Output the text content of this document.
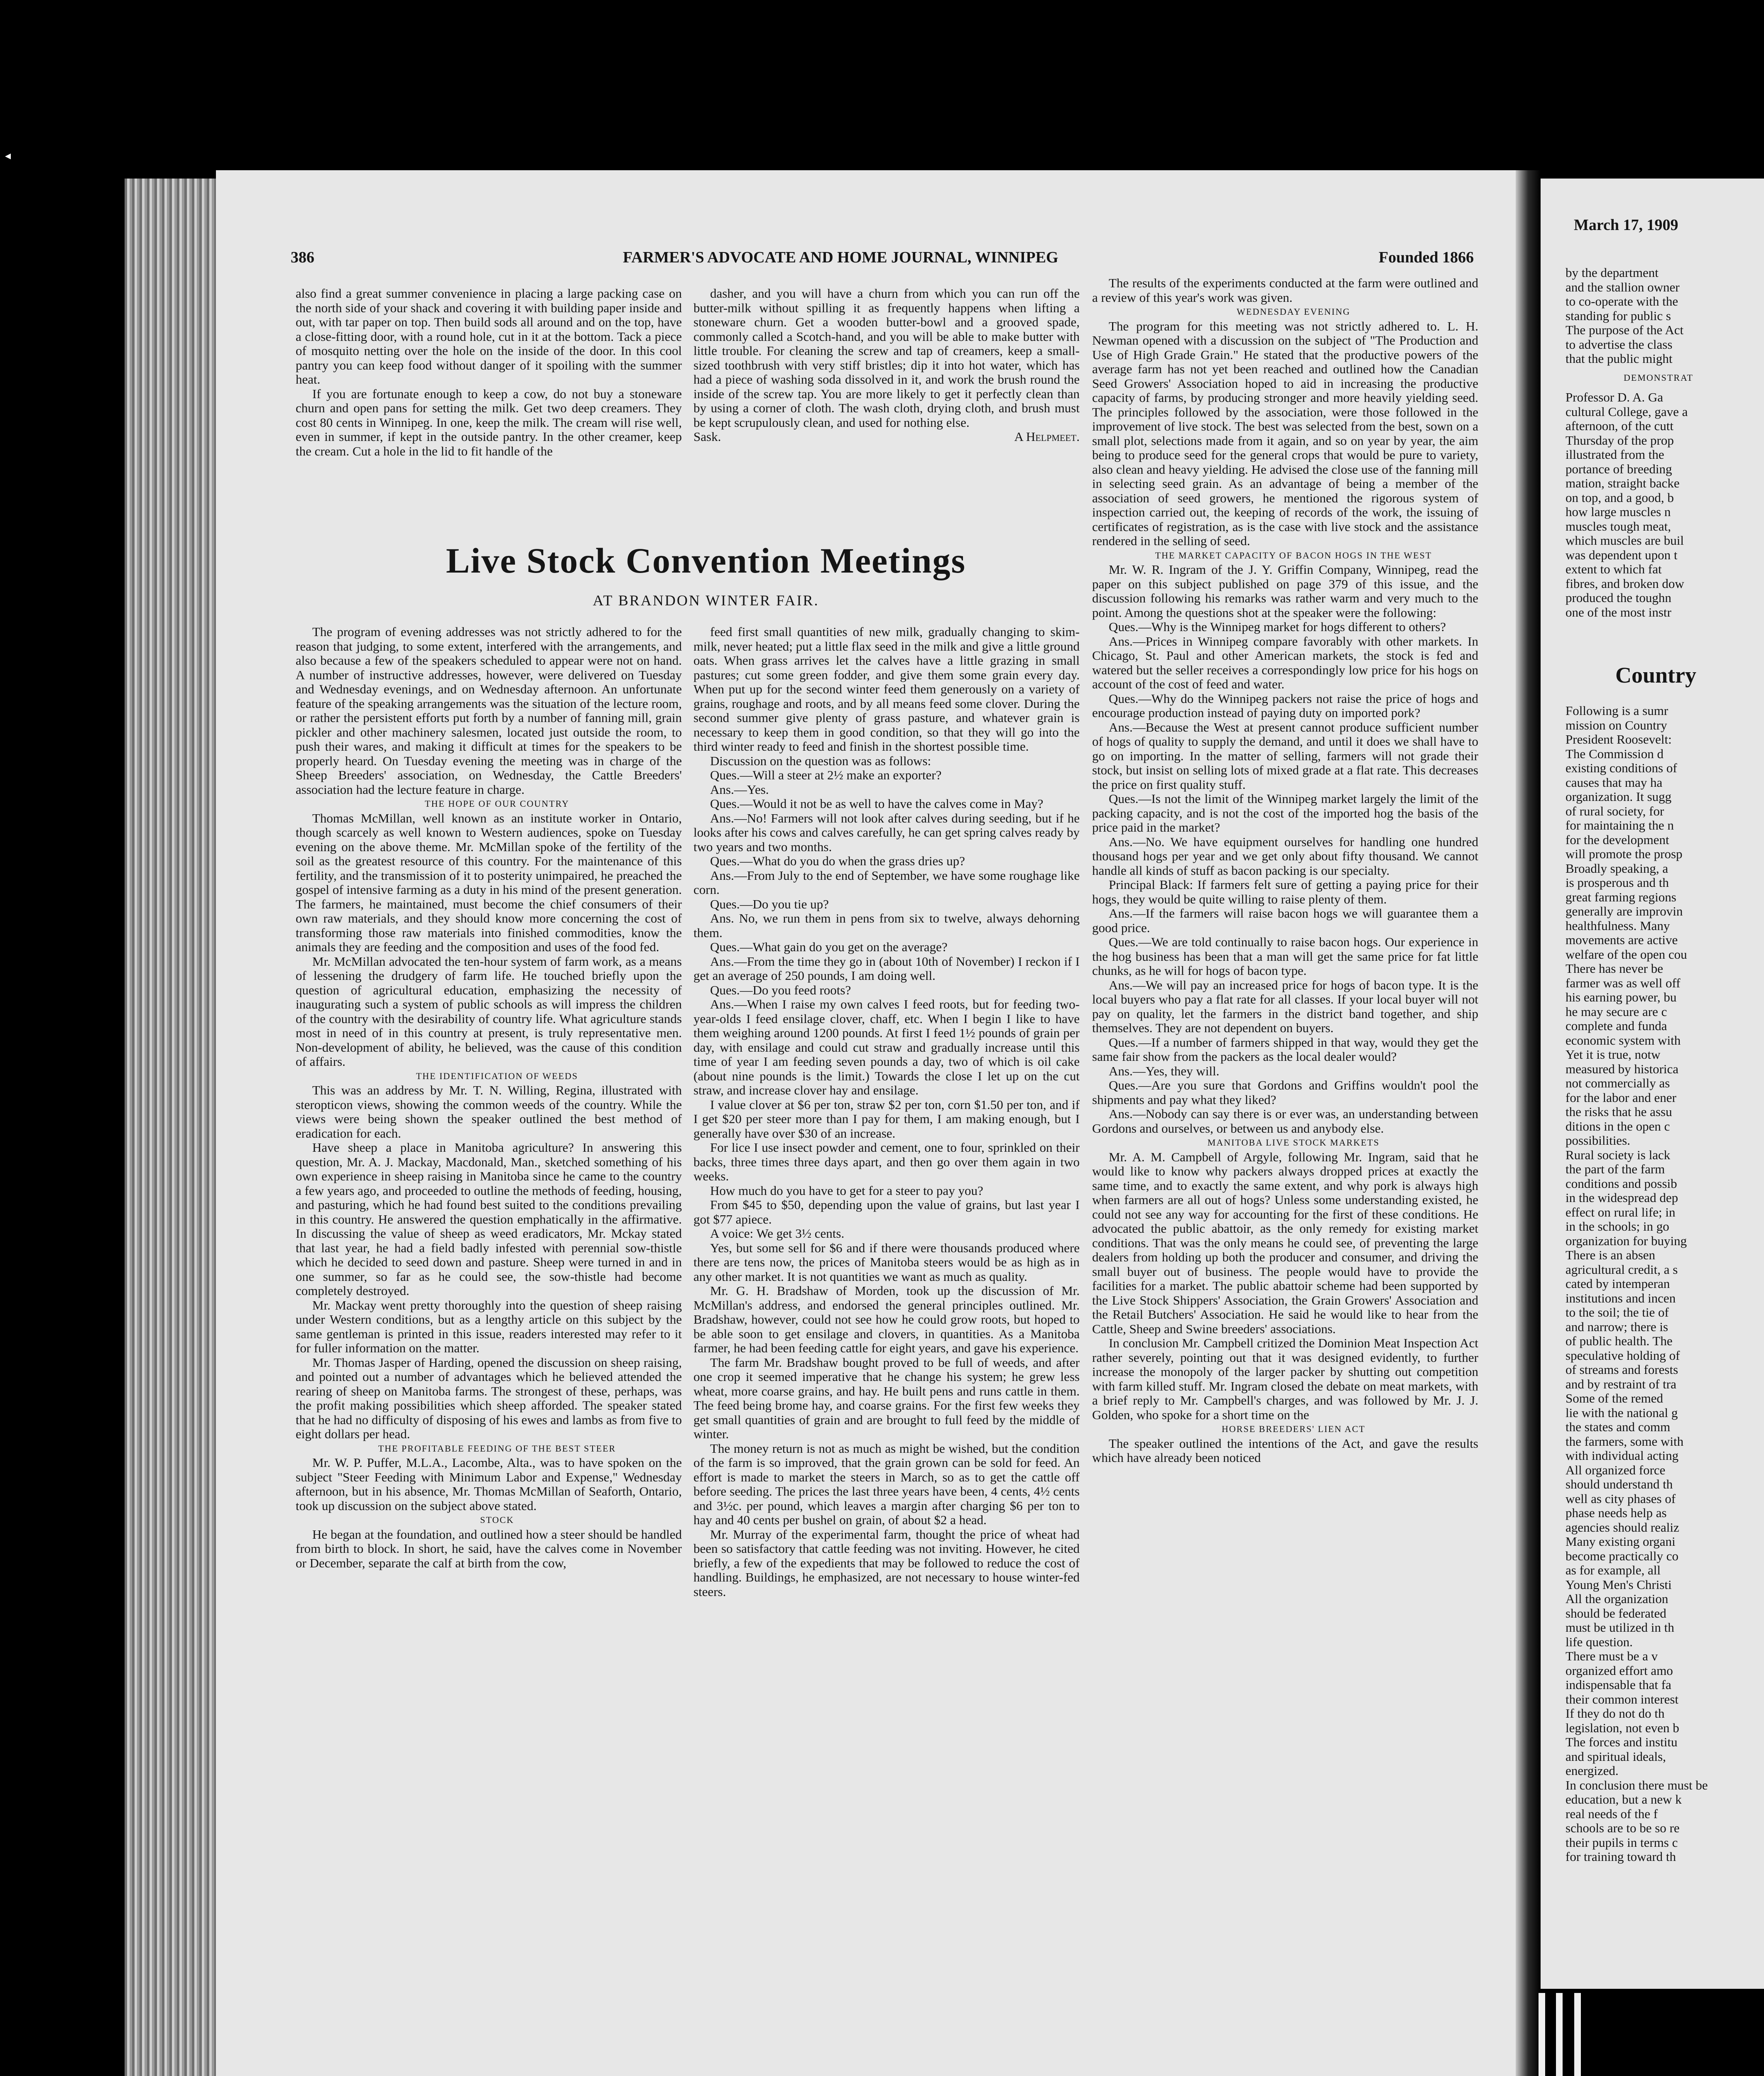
◂
386	FARMER'S ADVOCATE AND HOME JOURNAL, WINNIPEG	Founded 1866

also find a great summer convenience in placing a large packing case on the north side of your shack and covering it with building paper inside and out, with tar paper on top. Then build sods all around and on the top, have a close-fitting door, with a round hole, cut in it at the bottom. Tack a piece of mosquito netting over the hole on the inside of the door. In this cool pantry you can keep food without danger of it spoiling with the summer heat.

If you are fortunate enough to keep a cow, do not buy a stoneware churn and open pans for setting the milk. Get two deep creamers. They cost 80 cents in Winnipeg. In one, keep the milk. The cream will rise well, even in summer, if kept in the outside pantry. In the other creamer, keep the cream. Cut a hole in the lid to fit handle of the

dasher, and you will have a churn from which you can run off the butter-milk without spilling it as frequently happens when lifting a stoneware churn. Get a wooden butter-bowl and a grooved spade, commonly called a Scotch-hand, and you will be able to make butter with little trouble. For cleaning the screw and tap of creamers, keep a small-sized toothbrush with very stiff bristles; dip it into hot water, which has had a piece of washing soda dissolved in it, and work the brush round the inside of the screw tap. You are more likely to get it perfectly clean than by using a corner of cloth. The wash cloth, drying cloth, and brush must be kept scrupulously clean, and used for nothing else.

Sask.	A Helpmeet.
Live Stock Convention Meetings
AT BRANDON WINTER FAIR.

The program of evening addresses was not strictly adhered to for the reason that judging, to some extent, interfered with the arrangements, and also because a few of the speakers scheduled to appear were not on hand. A number of instructive addresses, however, were delivered on Tuesday and Wednesday evenings, and on Wednesday afternoon. An unfortunate feature of the speaking arrangements was the situation of the lecture room, or rather the persistent efforts put forth by a number of fanning mill, grain pickler and other machinery salesmen, located just outside the room, to push their wares, and making it difficult at times for the speakers to be properly heard. On Tuesday evening the meeting was in charge of the Sheep Breeders' association, on Wednesday, the Cattle Breeders' association had the lecture feature in charge.

THE HOPE OF OUR COUNTRY

Thomas McMillan, well known as an institute worker in Ontario, though scarcely as well known to Western audiences, spoke on Tuesday evening on the above theme. Mr. McMillan spoke of the fertility of the soil as the greatest resource of this country. For the maintenance of this fertility, and the transmission of it to posterity unimpaired, he preached the gospel of intensive farming as a duty in his mind of the present generation. The farmers, he maintained, must become the chief consumers of their own raw materials, and they should know more concerning the cost of transforming those raw materials into finished commodities, know the animals they are feeding and the composition and uses of the food fed.

Mr. McMillan advocated the ten-hour system of farm work, as a means of lessening the drudgery of farm life. He touched briefly upon the question of agricultural education, emphasizing the necessity of inaugurating such a system of public schools as will impress the children of the country with the desirability of country life. What agriculture stands most in need of in this country at present, is truly representative men. Non-development of ability, he believed, was the cause of this condition of affairs.

THE IDENTIFICATION OF WEEDS

This was an address by Mr. T. N. Willing, Regina, illustrated with steropticon views, showing the common weeds of the country. While the views were being shown the speaker outlined the best method of eradication for each.

Have sheep a place in Manitoba agriculture? In answering this question, Mr. A. J. Mackay, Macdonald, Man., sketched something of his own experience in sheep raising in Manitoba since he came to the country a few years ago, and proceeded to outline the methods of feeding, housing, and pasturing, which he had found best suited to the conditions prevailing in this country. He answered the question emphatically in the affirmative. In discussing the value of sheep as weed eradicators, Mr. Mckay stated that last year, he had a field badly infested with perennial sow-thistle which he decided to seed down and pasture. Sheep were turned in and in one summer, so far as he could see, the sow-thistle had become completely destroyed.

Mr. Mackay went pretty thoroughly into the question of sheep raising under Western conditions, but as a lengthy article on this subject by the same gentleman is printed in this issue, readers interested may refer to it for fuller information on the matter.

Mr. Thomas Jasper of Harding, opened the discussion on sheep raising, and pointed out a number of advantages which he believed attended the rearing of sheep on Manitoba farms. The strongest of these, perhaps, was the profit making possibilities which sheep afforded. The speaker stated that he had no difficulty of disposing of his ewes and lambs as from five to eight dollars per head.

THE PROFITABLE FEEDING OF THE BEST STEER

Mr. W. P. Puffer, M.L.A., Lacombe, Alta., was to have spoken on the subject "Steer Feeding with Minimum Labor and Expense," Wednesday afternoon, but in his absence, Mr. Thomas McMillan of Seaforth, Ontario, took up discussion on the subject above stated.

STOCK

He began at the foundation, and outlined how a steer should be handled from birth to block. In short, he said, have the calves come in November or December, separate the calf at birth from the cow,

feed first small quantities of new milk, gradually changing to skim-milk, never heated; put a little flax seed in the milk and give a little ground oats. When grass arrives let the calves have a little grazing in small pastures; cut some green fodder, and give them some grain every day. When put up for the second winter feed them generously on a variety of grains, roughage and roots, and by all means feed some clover. During the second summer give plenty of grass pasture, and whatever grain is necessary to keep them in good condition, so that they will go into the third winter ready to feed and finish in the shortest possible time.

Discussion on the question was as follows:

Ques.—Will a steer at 2½ make an exporter?

Ans.—Yes.

Ques.—Would it not be as well to have the calves come in May?

Ans.—No! Farmers will not look after calves during seeding, but if he looks after his cows and calves carefully, he can get spring calves ready by two years and two months.

Ques.—What do you do when the grass dries up?

Ans.—From July to the end of September, we have some roughage like corn.

Ques.—Do you tie up?

Ans. No, we run them in pens from six to twelve, always dehorning them.

Ques.—What gain do you get on the average?

Ans.—From the time they go in (about 10th of November) I reckon if I get an average of 250 pounds, I am doing well.

Ques.—Do you feed roots?

Ans.—When I raise my own calves I feed roots, but for feeding two-year-olds I feed ensilage clover, chaff, etc. When I begin I like to have them weighing around 1200 pounds. At first I feed 1½ pounds of grain per day, with ensilage and could cut straw and gradually increase until this time of year I am feeding seven pounds a day, two of which is oil cake (about nine pounds is the limit.) Towards the close I let up on the cut straw, and increase clover hay and ensilage.

I value clover at $6 per ton, straw $2 per ton, corn $1.50 per ton, and if I get $20 per steer more than I pay for them, I am making enough, but I generally have over $30 of an increase.

For lice I use insect powder and cement, one to four, sprinkled on their backs, three times three days apart, and then go over them again in two weeks.

How much do you have to get for a steer to pay you?

From $45 to $50, depending upon the value of grains, but last year I got $77 apiece.

A voice: We get 3½ cents.

Yes, but some sell for $6 and if there were thousands produced where there are tens now, the prices of Manitoba steers would be as high as in any other market. It is not quantities we want as much as quality.

Mr. G. H. Bradshaw of Morden, took up the discussion of Mr. McMillan's address, and endorsed the general principles outlined. Mr. Bradshaw, however, could not see how he could grow roots, but hoped to be able soon to get ensilage and clovers, in quantities. As a Manitoba farmer, he had been feeding cattle for eight years, and gave his experience.

The farm Mr. Bradshaw bought proved to be full of weeds, and after one crop it seemed imperative that he change his system; he grew less wheat, more coarse grains, and hay. He built pens and runs cattle in them. The feed being brome hay, and coarse grains. For the first few weeks they get small quantities of grain and are brought to full feed by the middle of winter.

The money return is not as much as might be wished, but the condition of the farm is so improved, that the grain grown can be sold for feed. An effort is made to market the steers in March, so as to get the cattle off before seeding. The prices the last three years have been, 4 cents, 4½ cents and 3½c. per pound, which leaves a margin after charging $6 per ton to hay and 40 cents per bushel on grain, of about $2 a head.

Mr. Murray of the experimental farm, thought the price of wheat had been so satisfactory that cattle feeding was not inviting. However, he cited briefly, a few of the expedients that may be followed to reduce the cost of handling. Buildings, he emphasized, are not necessary to house winter-fed steers.

The results of the experiments conducted at the farm were outlined and a review of this year's work was given.

WEDNESDAY EVENING

The program for this meeting was not strictly adhered to. L. H. Newman opened with a discussion on the subject of "The Production and Use of High Grade Grain." He stated that the productive powers of the average farm has not yet been reached and outlined how the Canadian Seed Growers' Association hoped to aid in increasing the productive capacity of farms, by producing stronger and more heavily yielding seed. The principles followed by the association, were those followed in the improvement of live stock. The best was selected from the best, sown on a small plot, selections made from it again, and so on year by year, the aim being to produce seed for the general crops that would be pure to variety, also clean and heavy yielding. He advised the close use of the fanning mill in selecting seed grain. As an advantage of being a member of the association of seed growers, he mentioned the rigorous system of inspection carried out, the keeping of records of the work, the issuing of certificates of registration, as is the case with live stock and the assistance rendered in the selling of seed.

THE MARKET CAPACITY OF BACON HOGS IN THE WEST

Mr. W. R. Ingram of the J. Y. Griffin Company, Winnipeg, read the paper on this subject published on page 379 of this issue, and the discussion following his remarks was rather warm and very much to the point. Among the questions shot at the speaker were the following:

Ques.—Why is the Winnipeg market for hogs different to others?

Ans.—Prices in Winnipeg compare favorably with other markets. In Chicago, St. Paul and other American markets, the stock is fed and watered but the seller receives a correspondingly low price for his hogs on account of the cost of feed and water.

Ques.—Why do the Winnipeg packers not raise the price of hogs and encourage production instead of paying duty on imported pork?

Ans.—Because the West at present cannot produce sufficient number of hogs of quality to supply the demand, and until it does we shall have to go on importing. In the matter of selling, farmers will not grade their stock, but insist on selling lots of mixed grade at a flat rate. This decreases the price on first quality stuff.

Ques.—Is not the limit of the Winnipeg market largely the limit of the packing capacity, and is not the cost of the imported hog the basis of the price paid in the market?

Ans.—No. We have equipment ourselves for handling one hundred thousand hogs per year and we get only about fifty thousand. We cannot handle all kinds of stuff as bacon packing is our specialty.

Principal Black: If farmers felt sure of getting a paying price for their hogs, they would be quite willing to raise plenty of them.

Ans.—If the farmers will raise bacon hogs we will guarantee them a good price.

Ques.—We are told continually to raise bacon hogs. Our experience in the hog business has been that a man will get the same price for fat little chunks, as he will for hogs of bacon type.

Ans.—We will pay an increased price for hogs of bacon type. It is the local buyers who pay a flat rate for all classes. If your local buyer will not pay on quality, let the farmers in the district band together, and ship themselves. They are not dependent on buyers.

Ques.—If a number of farmers shipped in that way, would they get the same fair show from the packers as the local dealer would?

Ans.—Yes, they will.

Ques.—Are you sure that Gordons and Griffins wouldn't pool the shipments and pay what they liked?

Ans.—Nobody can say there is or ever was, an understanding between Gordons and ourselves, or between us and anybody else.

MANITOBA LIVE STOCK MARKETS

Mr. A. M. Campbell of Argyle, following Mr. Ingram, said that he would like to know why packers always dropped prices at exactly the same time, and to exactly the same extent, and why pork is always high when farmers are all out of hogs? Unless some understanding existed, he could not see any way for accounting for the first of these conditions. He advocated the public abattoir, as the only remedy for existing market conditions. That was the only means he could see, of preventing the large dealers from holding up both the producer and consumer, and driving the small buyer out of business. The people would have to provide the facilities for a market. The public abattoir scheme had been supported by the Live Stock Shippers' Association, the Grain Growers' Association and the Retail Butchers' Association. He said he would like to hear from the Cattle, Sheep and Swine breeders' associations.

In conclusion Mr. Campbell critized the Dominion Meat Inspection Act rather severely, pointing out that it was designed evidently, to further increase the monopoly of the larger packer by shutting out competition with farm killed stuff. Mr. Ingram closed the debate on meat markets, with a brief reply to Mr. Campbell's charges, and was followed by Mr. J. J. Golden, who spoke for a short time on the

HORSE BREEDERS' LIEN ACT

The speaker outlined the intentions of the Act, and gave the results which have already been noticed

March 17, 1909
by the department
and the stallion owner
to co-operate with the
standing for public s
The purpose of the Act
to advertise the class
that the public might
DEMONSTRAT
Professor D. A. Ga
cultural College, gave a
afternoon, of the cutt
Thursday of the prop
illustrated from the
portance of breeding
mation, straight backe
on top, and a good, b
how large muscles n
muscles tough meat,
which muscles are buil
was dependent upon t
extent to which fat
fibres, and broken dow
produced the toughn
one of the most instr
Country
Following is a sumr
mission on Country
President Roosevelt:
The Commission d
existing conditions of
causes that may ha
organization. It sugg
of rural society, for
for maintaining the n
for the development
will promote the prosp
Broadly speaking, a
is prosperous and th
great farming regions
generally are improvin
healthfulness. Many
movements are active
welfare of the open cou
There has never be
farmer was as well off
his earning power, bu
he may secure are c
complete and funda
economic system with
Yet it is true, notw
measured by historica
not commercially as
for the labor and ener
the risks that he assu
ditions in the open c
possibilities.
Rural society is lack
the part of the farm
conditions and possib
in the widespread dep
effect on rural life; in
in the schools; in go
organization for buying
There is an absen
agricultural credit, a s
cated by intemperan
institutions and incen
to the soil; the tie of
and narrow; there is
of public health. The
speculative holding of
of streams and forests
and by restraint of tra
Some of the remed
lie with the national g
the states and comm
the farmers, some with
with individual acting
All organized force
should understand th
well as city phases of
phase needs help as
agencies should realiz
Many existing organi
become practically co
as for example, all
Young Men's Christi
All the organization
should be federated
must be utilized in th
life question.
There must be a v
organized effort amo
indispensable that fa
their common interest
If they do not do th
legislation, not even b
The forces and institu
and spiritual ideals,
energized.
In conclusion there must be
education, but a new k
real needs of the f
schools are to be so re
their pupils in terms c
for training toward th
